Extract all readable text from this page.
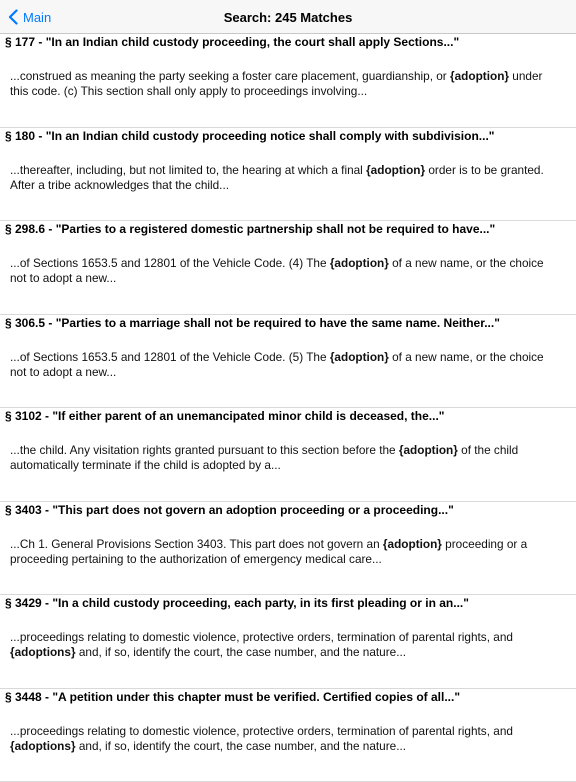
Main	Search: 245 Matches
§ 177 - "In an Indian child custody proceeding, the court shall apply Sections..."
...construed as meaning the party seeking a foster care placement, guardianship, or {adoption} under this code. (c) This section shall only apply to proceedings involving...
§ 180 - "In an Indian child custody proceeding notice shall comply with subdivision..."
...thereafter, including, but not limited to, the hearing at which a final {adoption} order is to be granted. After a tribe acknowledges that the child...
§ 298.6 - "Parties to a registered domestic partnership shall not be required to have..."
...of Sections 1653.5 and 12801 of the Vehicle Code. (4) The {adoption} of a new name, or the choice not to adopt a new...
§ 306.5 - "Parties to a marriage shall not be required to have the same name. Neither..."
...of Sections 1653.5 and 12801 of the Vehicle Code. (5) The {adoption} of a new name, or the choice not to adopt a new...
§ 3102 - "If either parent of an unemancipated minor child is deceased, the..."
...the child. Any visitation rights granted pursuant to this section before the {adoption} of the child automatically terminate if the child is adopted by a...
§ 3403 - "This part does not govern an adoption proceeding or a proceeding..."
...Ch 1. General Provisions Section 3403. This part does not govern an {adoption} proceeding or a proceeding pertaining to the authorization of emergency medical care...
§ 3429 - "In a child custody proceeding, each party, in its first pleading or in an..."
...proceedings relating to domestic violence, protective orders, termination of parental rights, and {adoptions} and, if so, identify the court, the case number, and the nature...
§ 3448 - "A petition under this chapter must be verified. Certified copies of all..."
...proceedings relating to domestic violence, protective orders, termination of parental rights, and {adoptions} and, if so, identify the court, the case number, and the nature...
